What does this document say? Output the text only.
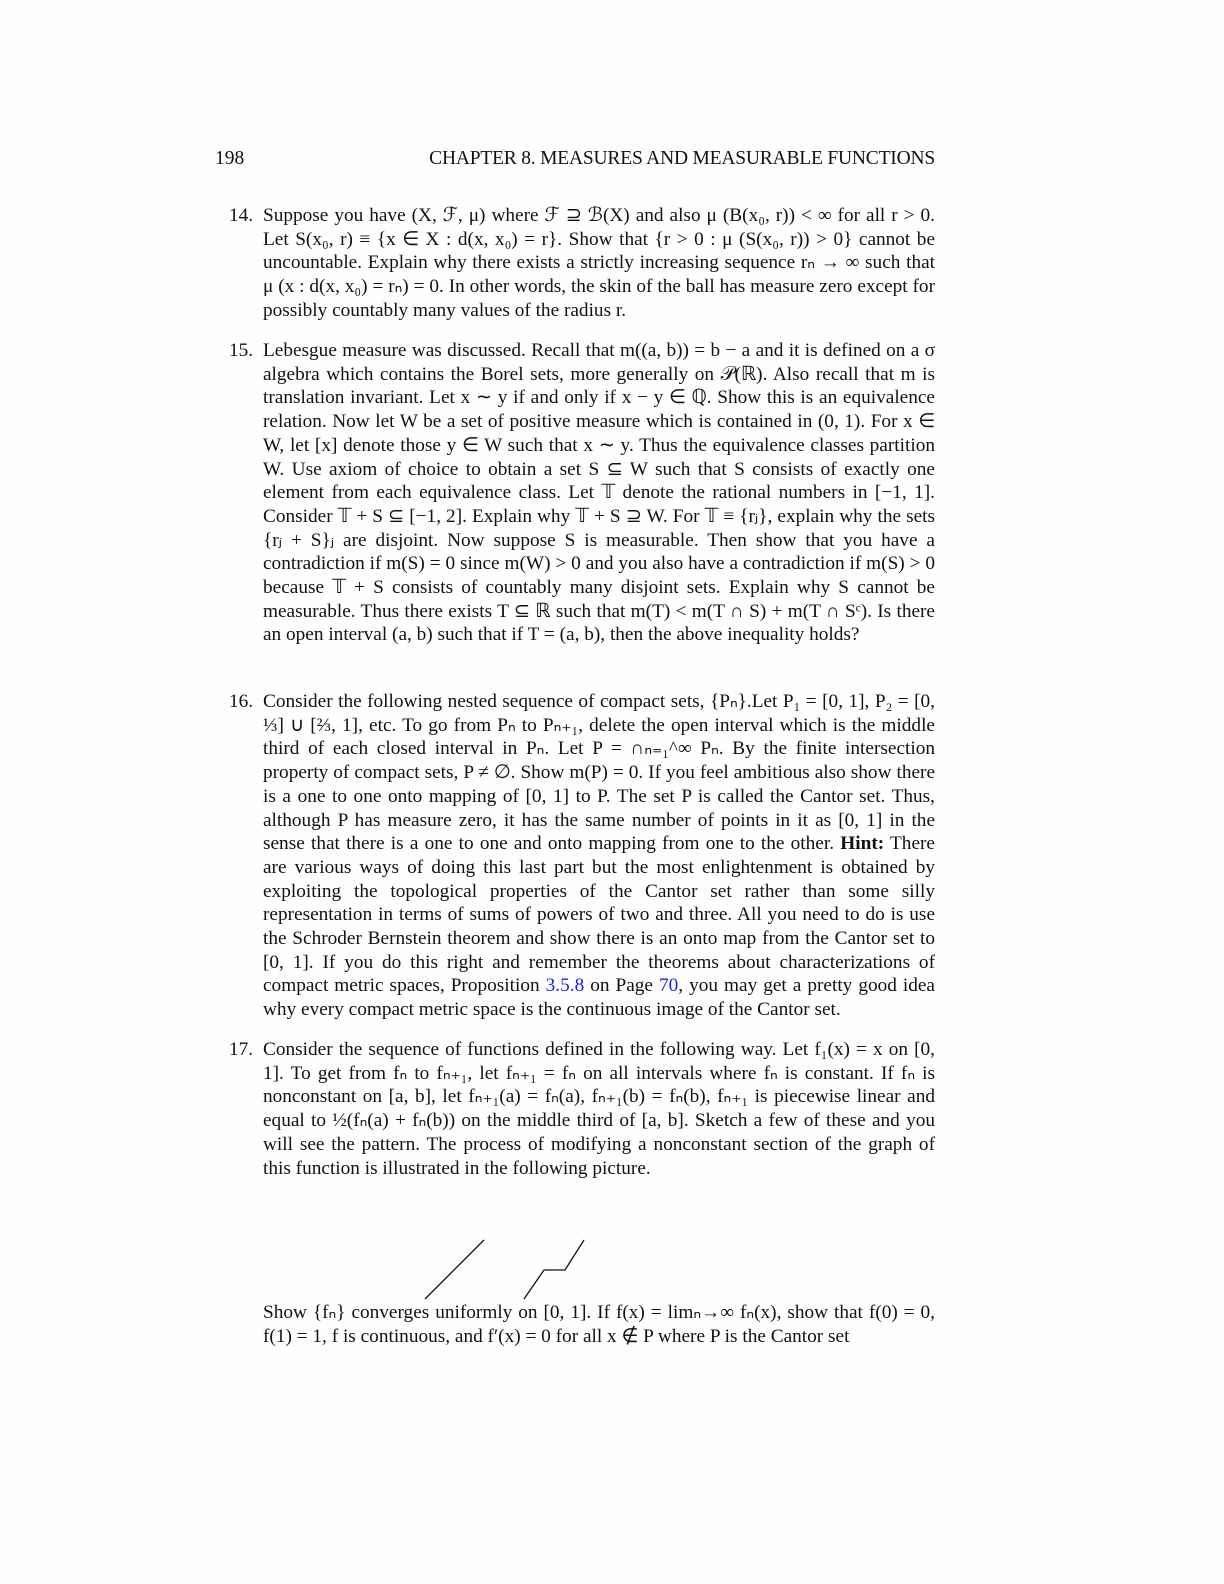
198	CHAPTER 8. MEASURES AND MEASURABLE FUNCTIONS
14. Suppose you have (X, ℱ, μ) where ℱ ⊇ ℬ(X) and also μ (B(x₀, r)) < ∞ for all r > 0. Let S(x₀, r) ≡ {x ∈ X : d(x, x₀) = r}. Show that {r > 0 : μ (S(x₀, r)) > 0} cannot be uncountable. Explain why there exists a strictly increasing sequence rₙ → ∞ such that μ (x : d(x, x₀) = rₙ) = 0. In other words, the skin of the ball has measure zero except for possibly countably many values of the radius r.
15. Lebesgue measure was discussed. Recall that m((a, b)) = b − a and it is defined on a σ algebra which contains the Borel sets, more generally on 𝒫(ℝ). Also recall that m is translation invariant. Let x ∼ y if and only if x − y ∈ ℚ. Show this is an equivalence relation. Now let W be a set of positive measure which is contained in (0, 1). For x ∈ W, let [x] denote those y ∈ W such that x ∼ y. Thus the equivalence classes partition W. Use axiom of choice to obtain a set S ⊆ W such that S consists of exactly one element from each equivalence class. Let 𝕋 denote the rational numbers in [−1, 1]. Consider 𝕋 + S ⊆ [−1, 2]. Explain why 𝕋 + S ⊇ W. For 𝕋 ≡ {rⱼ}, explain why the sets {rⱼ + S}ⱼ are disjoint. Now suppose S is measurable. Then show that you have a contradiction if m(S) = 0 since m(W) > 0 and you also have a contradiction if m(S) > 0 because 𝕋 + S consists of countably many disjoint sets. Explain why S cannot be measurable. Thus there exists T ⊆ ℝ such that m(T) < m(T ∩ S) + m(T ∩ Sᶜ). Is there an open interval (a, b) such that if T = (a, b), then the above inequality holds?
16. Consider the following nested sequence of compact sets, {Pₙ}.Let P₁ = [0, 1], P₂ = [0, ⅓] ∪ [⅔, 1], etc. To go from Pₙ to Pₙ₊₁, delete the open interval which is the middle third of each closed interval in Pₙ. Let P = ∩ₙ₌₁^∞ Pₙ. By the finite intersection property of compact sets, P ≠ ∅. Show m(P) = 0. If you feel ambitious also show there is a one to one onto mapping of [0, 1] to P. The set P is called the Cantor set. Thus, although P has measure zero, it has the same number of points in it as [0, 1] in the sense that there is a one to one and onto mapping from one to the other. Hint: There are various ways of doing this last part but the most enlightenment is obtained by exploiting the topological properties of the Cantor set rather than some silly representation in terms of sums of powers of two and three. All you need to do is use the Schroder Bernstein theorem and show there is an onto map from the Cantor set to [0, 1]. If you do this right and remember the theorems about characterizations of compact metric spaces, Proposition 3.5.8 on Page 70, you may get a pretty good idea why every compact metric space is the continuous image of the Cantor set.
17. Consider the sequence of functions defined in the following way. Let f₁(x) = x on [0, 1]. To get from fₙ to fₙ₊₁, let fₙ₊₁ = fₙ on all intervals where fₙ is constant. If fₙ is nonconstant on [a, b], let fₙ₊₁(a) = fₙ(a), fₙ₊₁(b) = fₙ(b), fₙ₊₁ is piecewise linear and equal to ½(fₙ(a) + fₙ(b)) on the middle third of [a, b]. Sketch a few of these and you will see the pattern. The process of modifying a nonconstant section of the graph of this function is illustrated in the following picture.
Show {fₙ} converges uniformly on [0, 1]. If f(x) = limₙ→∞ fₙ(x), show that f(0) = 0, f(1) = 1, f is continuous, and f′(x) = 0 for all x ∉ P where P is the Cantor set
